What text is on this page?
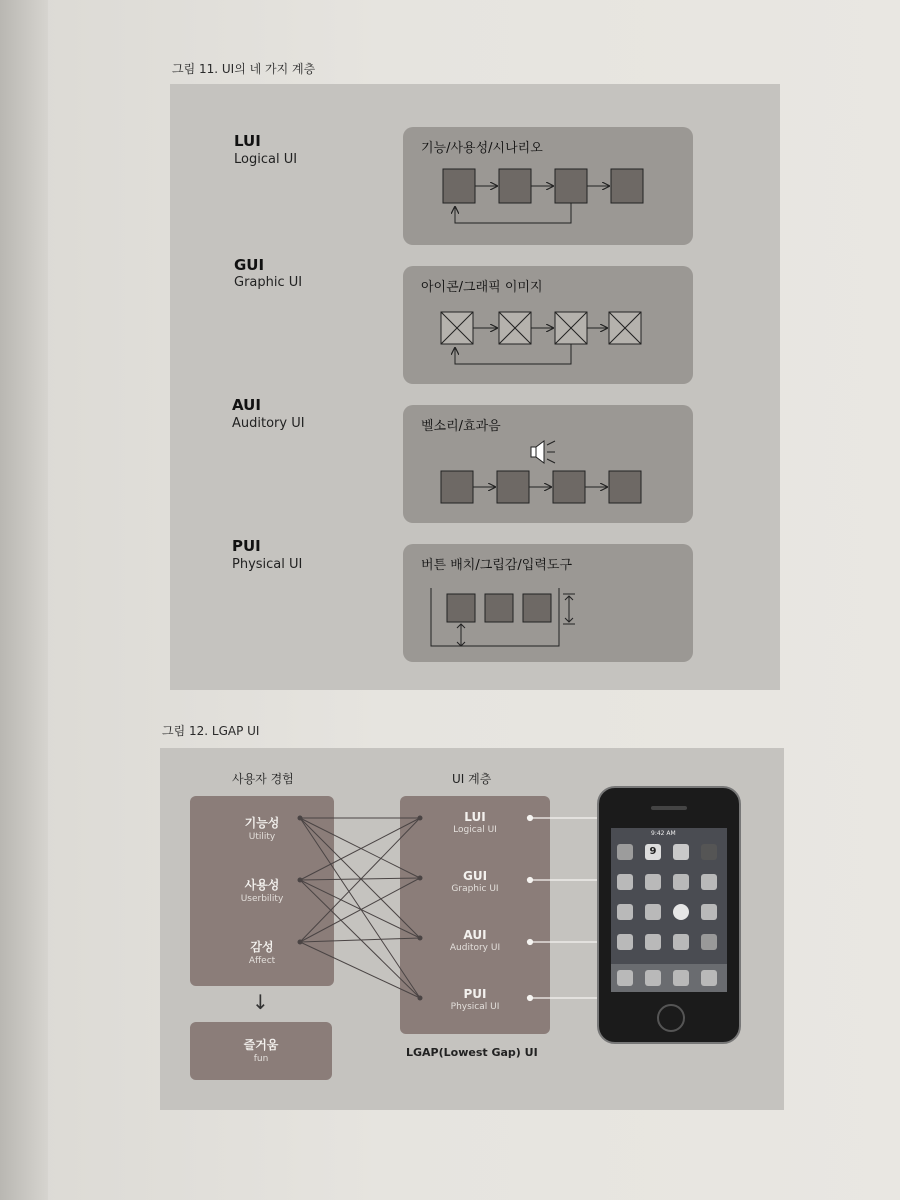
그림 11. UI의 네 가지 계층
LUI
Logical UI
기능/사용성/시나리오
GUI
Graphic UI	아이콘/그래픽 이미지
AUI
Auditory UI	벨소리/효과음
PUI
Physical UI	버튼 배치/그립감/입력도구
그림 12. LGAP UI
사용자 경험	UI 계층
기능성
Utility
사용성
Userbility
감성
Affect
↓
즐거움
fun
LUI
Logical UI
GUI
Graphic UI
AUI
Auditory UI
PUI
Physical UI
LGAP(Lowest Gap) UI
9:42 AM
9
